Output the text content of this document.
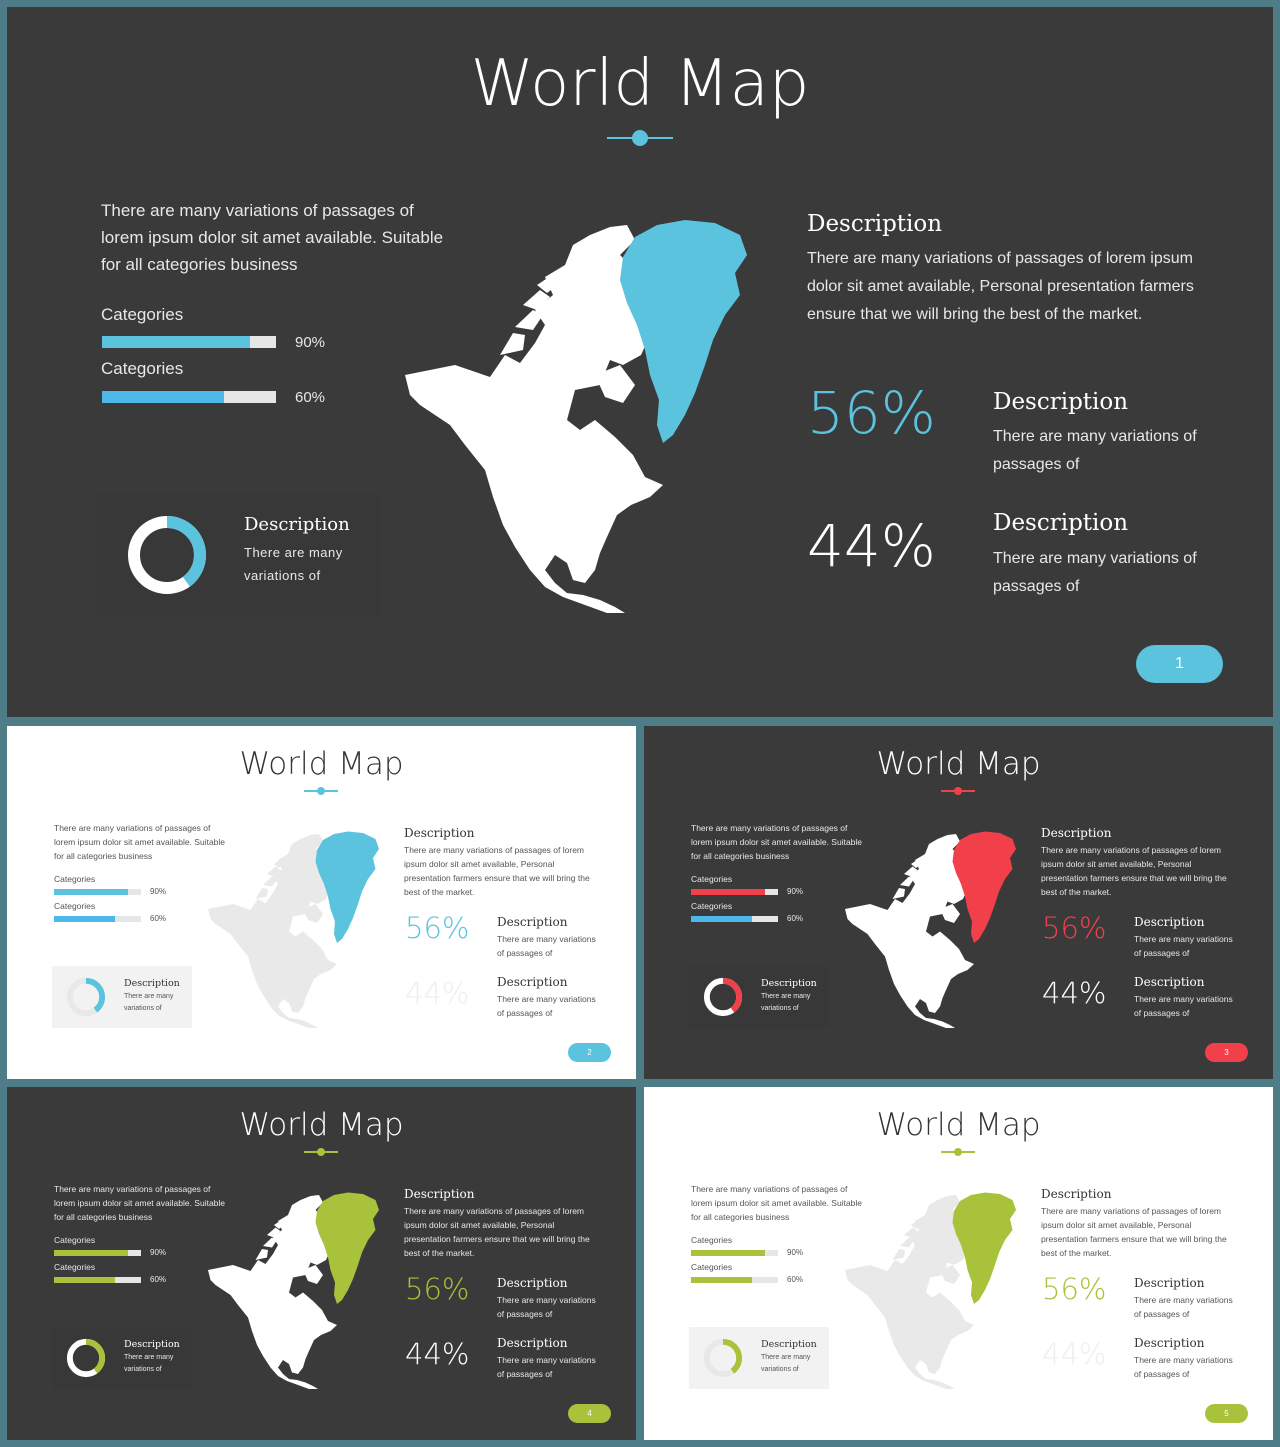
World Map
There are many variations of passages of lorem ipsum dolor sit amet available. Suitable for all categories business
Categories
90%
Categories
60%
Description
There are many variations of
Description
There are many variations of passages of lorem ipsum dolor sit amet available, Personal presentation farmers ensure that we will bring the best of the market.
56% Description
There are many variations of passages of
44% Description
There are many variations of passages of
1
World Map
There are many variations of passages of lorem ipsum dolor sit amet available. Suitable for all categories business
Categories
90%
Categories
60%
Description
There are many variations of
Description
There are many variations of passages of lorem ipsum dolor sit amet available, Personal presentation farmers ensure that we will bring the best of the market.
56% Description
There are many variations of passages of
44% Description
There are many variations of passages of
2
World Map
There are many variations of passages of lorem ipsum dolor sit amet available. Suitable for all categories business
Categories
90%
Categories
60%
Description
There are many variations of
Description
There are many variations of passages of lorem ipsum dolor sit amet available, Personal presentation farmers ensure that we will bring the best of the market.
56% Description
There are many variations of passages of
44% Description
There are many variations of passages of
3
World Map
There are many variations of passages of lorem ipsum dolor sit amet available. Suitable for all categories business
Categories
90%
Categories
60%
Description
There are many variations of
Description
There are many variations of passages of lorem ipsum dolor sit amet available, Personal presentation farmers ensure that we will bring the best of the market.
56% Description
There are many variations of passages of
44% Description
There are many variations of passages of
4
World Map
There are many variations of passages of lorem ipsum dolor sit amet available. Suitable for all categories business
Categories
90%
Categories
60%
Description
There are many variations of
Description
There are many variations of passages of lorem ipsum dolor sit amet available, Personal presentation farmers ensure that we will bring the best of the market.
56% Description
There are many variations of passages of
44% Description
There are many variations of passages of
5
